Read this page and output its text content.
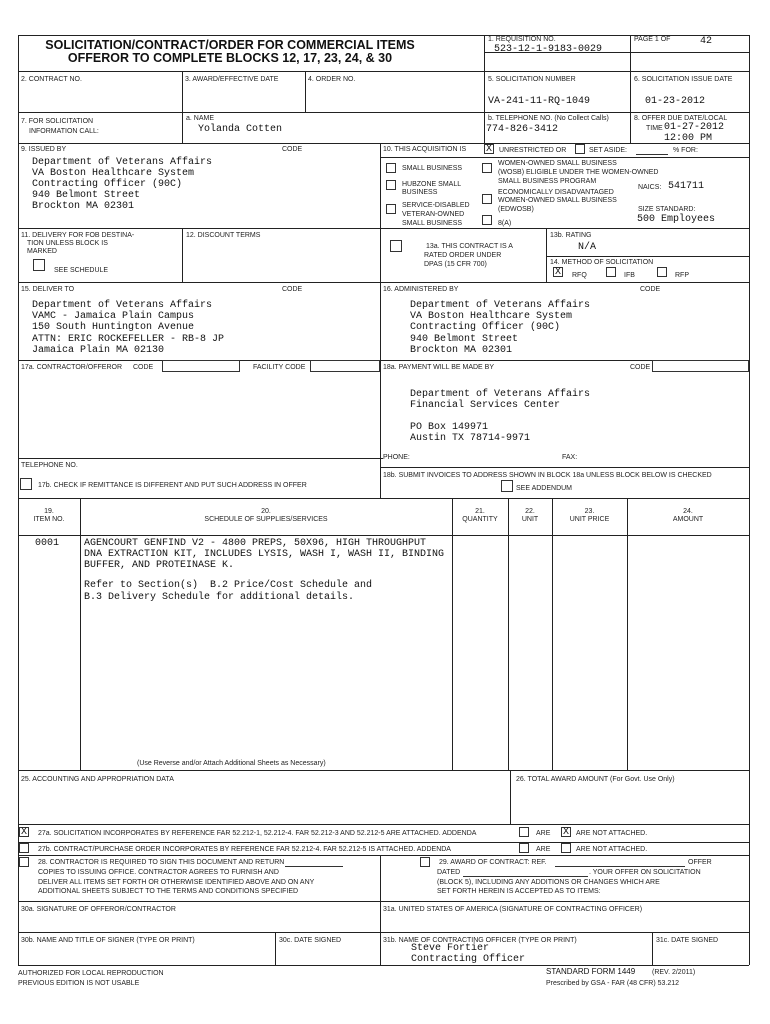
SOLICITATION/CONTRACT/ORDER FOR COMMERCIAL ITEMS
OFFEROR TO COMPLETE BLOCKS 12, 17, 23, 24, & 30
1. REQUISITION NO.
523-12-1-9183-0029
PAGE 1 OF	42
2. CONTRACT NO.	3. AWARD/EFFECTIVE DATE	4. ORDER NO.	5. SOLICITATION NUMBER
VA-241-11-RQ-1049
6. SOLICITATION ISSUE DATE
01-23-2012
7. FOR SOLICITATION
INFORMATION CALL:
a. NAME
Yolanda Cotten
b. TELEPHONE NO. (No Collect Calls)
774-826-3412
8. OFFER DUE DATE/LOCAL
TIME 01-27-2012
12:00 PM
9. ISSUED BY	CODE
Department of Veterans Affairs
VA Boston Healthcare System
Contracting Officer (90C)
940 Belmont Street
Brockton MA 02301
10. THIS ACQUISITION IS X UNRESTRICTED OR	SET ASIDE:	% FOR:
SMALL BUSINESS
HUBZONE SMALL
BUSINESS
SERVICE-DISABLED
VETERAN-OWNED
SMALL BUSINESS
WOMEN-OWNED SMALL BUSINESS
(WOSB) ELIGIBLE UNDER THE WOMEN-OWNED
SMALL BUSINESS PROGRAM
ECONOMICALLY DISADVANTAGED
WOMEN-OWNED SMALL BUSINESS
(EDWOSB)
8(A)
NAICS: 541711
SIZE STANDARD:
500 Employees
11. DELIVERY FOR FOB DESTINA-
TION UNLESS BLOCK IS
MARKED
SEE SCHEDULE
12. DISCOUNT TERMS
13a. THIS CONTRACT IS A
RATED ORDER UNDER
DPAS (15 CFR 700)
13b. RATING
N/A
14. METHOD OF SOLICITATION
X RFQ	IFB	RFP
15. DELIVER TO	CODE
Department of Veterans Affairs
VAMC - Jamaica Plain Campus
150 South Huntington Avenue
ATTN: ERIC ROCKEFELLER - RB-8 JP
Jamaica Plain MA 02130
16. ADMINISTERED BY	CODE
Department of Veterans Affairs
VA Boston Healthcare System
Contracting Officer (90C)
940 Belmont Street
Brockton MA 02301
17a. CONTRACTOR/OFFEROR CODE	FACILITY CODE
TELEPHONE NO.
17b. CHECK IF REMITTANCE IS DIFFERENT AND PUT SUCH ADDRESS IN OFFER
18a. PAYMENT WILL BE MADE BY	CODE
Department of Veterans Affairs
Financial Services Center
PO Box 149971
Austin TX 78714-9971
PHONE:	FAX:
18b. SUBMIT INVOICES TO ADDRESS SHOWN IN BLOCK 18a UNLESS BLOCK BELOW IS CHECKED
SEE ADDENDUM
19.
ITEM NO.
20.
SCHEDULE OF SUPPLIES/SERVICES
21.
QUANTITY
22.
UNIT
23.
UNIT PRICE
24.
AMOUNT
0001 AGENCOURT GENFIND V2 - 4800 PREPS, 50X96, HIGH THROUGHPUT
DNA EXTRACTION KIT, INCLUDES LYSIS, WASH I, WASH II, BINDING
BUFFER, AND PROTEINASE K.
Refer to Section(s)  B.2 Price/Cost Schedule and
B.3 Delivery Schedule for additional details.
(Use Reverse and/or Attach Additional Sheets as Necessary)
25. ACCOUNTING AND APPROPRIATION DATA	26. TOTAL AWARD AMOUNT (For Govt. Use Only)
X 27a. SOLICITATION INCORPORATES BY REFERENCE FAR 52.212-1, 52.212-4. FAR 52.212-3 AND 52.212-5 ARE ATTACHED. ADDENDA	ARE X ARE NOT ATTACHED.
27b. CONTRACT/PURCHASE ORDER INCORPORATES BY REFERENCE FAR 52.212-4. FAR 52.212-5 IS ATTACHED. ADDENDA	ARE	ARE NOT ATTACHED.
28. CONTRACTOR IS REQUIRED TO SIGN THIS DOCUMENT AND RETURN
COPIES TO ISSUING OFFICE. CONTRACTOR AGREES TO FURNISH AND
DELIVER ALL ITEMS SET FORTH OR OTHERWISE IDENTIFIED ABOVE AND ON ANY
ADDITIONAL SHEETS SUBJECT TO THE TERMS AND CONDITIONS SPECIFIED
29. AWARD OF CONTRACT: REF.	OFFER
DATED	. YOUR OFFER ON SOLICITATION
(BLOCK 5), INCLUDING ANY ADDITIONS OR CHANGES WHICH ARE
SET FORTH HEREIN IS ACCEPTED AS TO ITEMS:
30a. SIGNATURE OF OFFEROR/CONTRACTOR	31a. UNITED STATES OF AMERICA (SIGNATURE OF CONTRACTING OFFICER)
30b. NAME AND TITLE OF SIGNER (TYPE OR PRINT)	30c. DATE SIGNED	31b. NAME OF CONTRACTING OFFICER (TYPE OR PRINT)	31c. DATE SIGNED
Steve Fortier
Contracting Officer
AUTHORIZED FOR LOCAL REPRODUCTION
PREVIOUS EDITION IS NOT USABLE
STANDARD FORM 1449 (REV. 2/2011)
Prescribed by GSA - FAR (48 CFR) 53.212
